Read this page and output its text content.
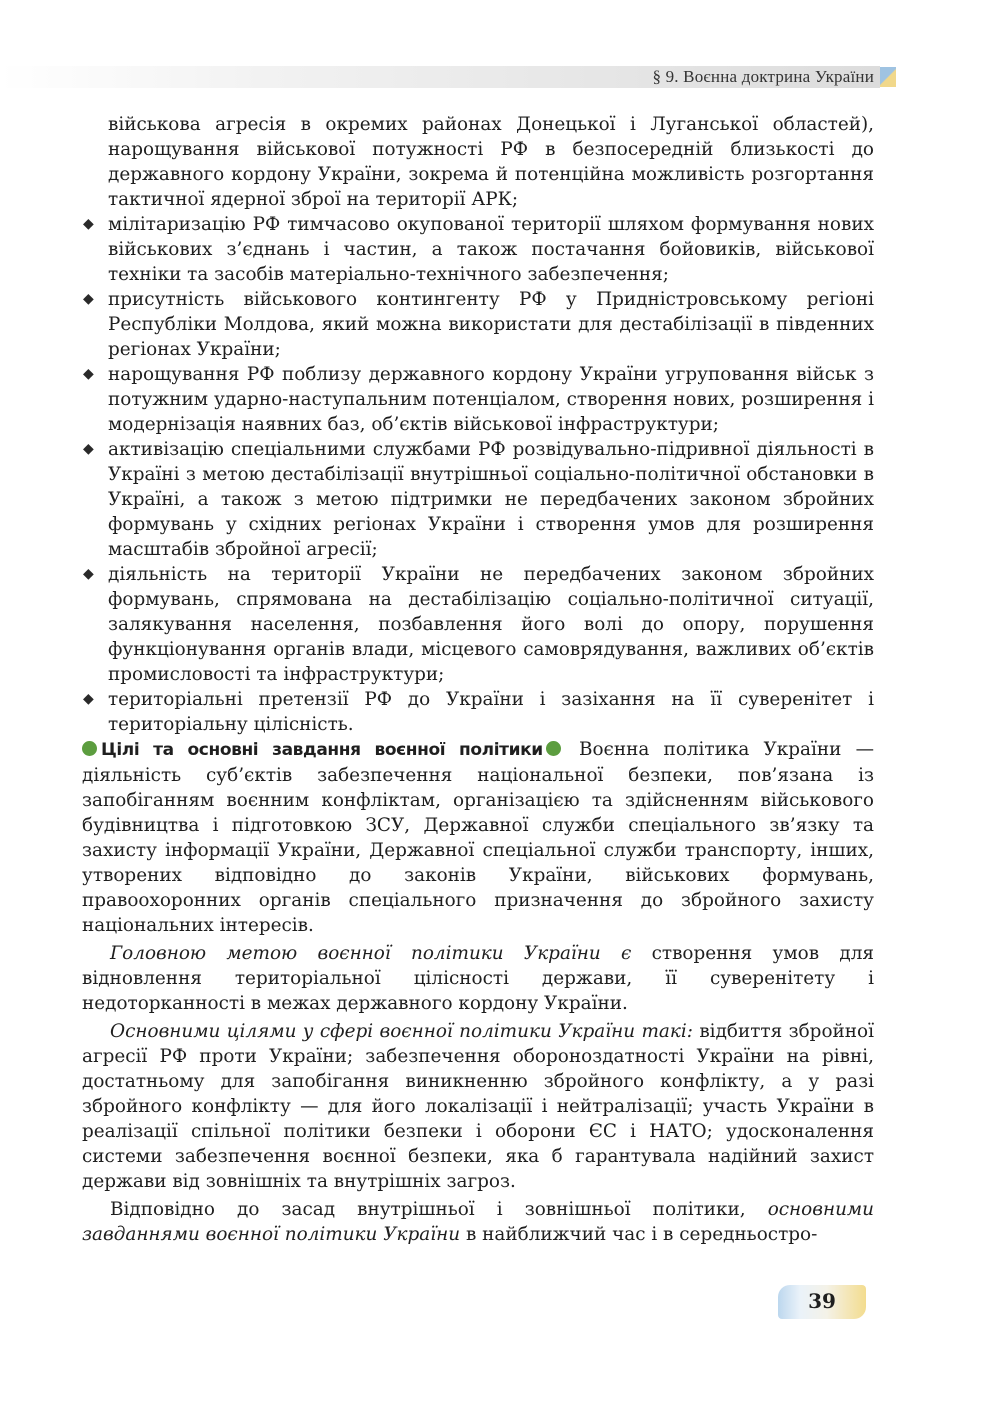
§ 9. Воєнна доктрина України

військова агресія в окремих районах Донецької і Луганської областей), нарощування військової потужності РФ в безпосередній близькості до державного кордону України, зокрема й потенційна можливість розгортання тактичної ядерної зброї на території АРК;

◆ мілітаризацію РФ тимчасово окупованої території шляхом формування нових військових з’єднань і частин, а також постачання бойовиків, військової техніки та засобів матеріально-технічного забезпечення;
◆ присутність військового контингенту РФ у Придністровському регіоні Республіки Молдова, який можна використати для дестабілізації в південних регіонах України;
◆ нарощування РФ поблизу державного кордону України угруповання військ з потужним ударно-наступальним потенціалом, створення нових, розширення і модернізація наявних баз, об’єктів військової інфраструктури;
◆ активізацію спеціальними службами РФ розвідувально-підривної діяльності в Україні з метою дестабілізації внутрішньої соціально-політичної обстановки в Україні, а також з метою підтримки не передбачених законом збройних формувань у східних регіонах України і створення умов для розширення масштабів збройної агресії;
◆ діяльність на території України не передбачених законом збройних формувань, спрямована на дестабілізацію соціально-політичної ситуації, залякування населення, позбавлення його волі до опору, порушення функціонування органів влади, місцевого самоврядування, важливих об’єктів промисловості та інфраструктури;
◆ територіальні претензії РФ до України і зазіхання на її суверенітет і територіальну цілісність.

Цілі та основні завдання воєнної політики Воєнна політика України — діяльність суб’єктів забезпечення національної безпеки, пов’язана із запобіганням воєнним конфліктам, організацією та здійсненням військового будівництва і підготовкою ЗСУ, Державної служби спеціального зв’язку та захисту інформації України, Державної спеціальної служби транспорту, інших, утворених відповідно до законів України, військових формувань, правоохоронних органів спеціального призначення до збройного захисту національних інтересів.

Головною метою воєнної політики України є створення умов для відновлення територіальної цілісності держави, її суверенітету і недоторканності в межах державного кордону України.

Основними цілями у сфері воєнної політики України такі: відбиття збройної агресії РФ проти України; забезпечення обороноздатності України на рівні, достатньому для запобігання виникненню збройного конфлікту, а у разі збройного конфлікту — для його локалізації і нейтралізації; участь України в реалізації спільної політики безпеки і оборони ЄС і НАТО; удосконалення системи забезпечення воєнної безпеки, яка б гарантувала надійний захист держави від зовнішніх та внутрішніх загроз.

Відповідно до засад внутрішньої і зовнішньої політики, основними завданнями воєнної політики України в найближчий час і в середньостро-

39
